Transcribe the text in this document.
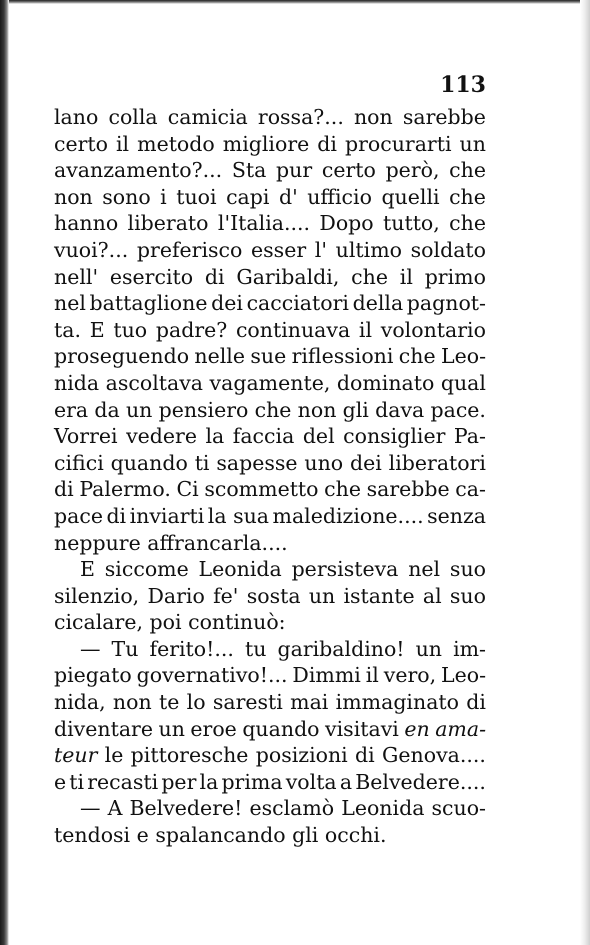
113
lano colla camicia rossa?... non sarebbe
certo il metodo migliore di procurarti un
avanzamento?... Sta pur certo però, che
non sono i tuoi capi d' ufficio quelli che
hanno liberato l'Italia.... Dopo tutto, che
vuoi?... preferisco esser l' ultimo soldato
nell' esercito di Garibaldi, che il primo
nel battaglione dei cacciatori della pagnot-
ta. E tuo padre? continuava il volontario
proseguendo nelle sue riflessioni che Leo-
nida ascoltava vagamente, dominato qual
era da un pensiero che non gli dava pace.
Vorrei vedere la faccia del consiglier Pa-
cifici quando ti sapesse uno dei liberatori
di Palermo. Ci scommetto che sarebbe ca-
pace di inviarti la sua maledizione.... senza
neppure affrancarla....
E siccome Leonida persisteva nel suo
silenzio, Dario fe' sosta un istante al suo
cicalare, poi continuò:
— Tu ferito!... tu garibaldino! un im-
piegato governativo!... Dimmi il vero, Leo-
nida, non te lo saresti mai immaginato di
diventare un eroe quando visitavi en ama-
teur le pittoresche posizioni di Genova....
e ti recasti per la prima volta a Belvedere....
— A Belvedere! esclamò Leonida scuo-
tendosi e spalancando gli occhi.
